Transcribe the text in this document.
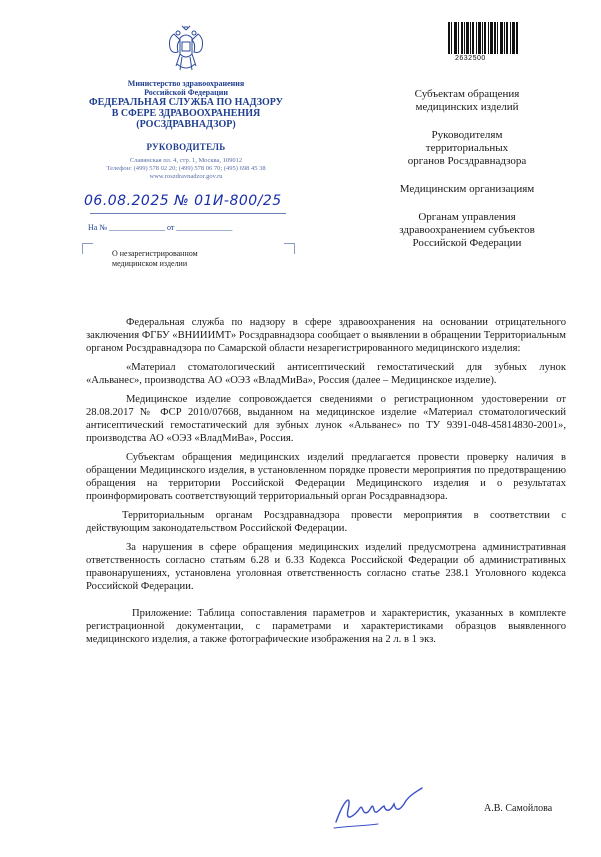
Министерство здравоохранения
Российской Федерации
ФЕДЕРАЛЬНАЯ СЛУЖБА ПО НАДЗОРУ
В СФЕРЕ ЗДРАВООХРАНЕНИЯ
(РОСЗДРАВНАДЗОР)
РУКОВОДИТЕЛЬ
Славянская пл. 4, стр. 1, Москва, 109012
Телефон: (499) 578 02 20; (499) 578 06 70; (495) 698 45 38
www.roszdravnadzor.gov.ru
06.08.2025 № 01И-800/25
На № ______________ от ______________
О незарегистрированном
медицинском изделии
2632500
Субъектам обращения
медицинских изделий
Руководителям
территориальных
органов Росздравнадзора
Медицинским организациям
Органам управления
здравоохранением субъектов
Российской Федерации

Федеральная служба по надзору в сфере здравоохранения на основании отрицательного заключения ФГБУ «ВНИИИМТ» Росздравнадзора сообщает о выявлении в обращении Территориальным органом Росздравнадзора по Самарской области незарегистрированного медицинского изделия:

«Материал стоматологический антисептический гемостатический для зубных лунок «Альванес», производства АО «ОЭЗ «ВладМиВа», Россия (далее – Медицинское изделие).

Медицинское изделие сопровождается сведениями о регистрационном удостоверении от 28.08.2017 № ФСР 2010/07668, выданном на медицинское изделие «Материал стоматологический антисептический гемостатический для зубных лунок «Альванес» по ТУ 9391-048-45814830-2001», производства АО «ОЭЗ «ВладМиВа», Россия.

Субъектам обращения медицинских изделий предлагается провести проверку наличия в обращении Медицинского изделия, в установленном порядке провести мероприятия по предотвращению обращения на территории Российской Федерации Медицинского изделия и о результатах проинформировать соответствующий территориальный орган Росздравнадзора.

Территориальным органам Росздравнадзора провести мероприятия в соответствии с действующим законодательством Российской Федерации.

За нарушения в сфере обращения медицинских изделий предусмотрена административная ответственность согласно статьям 6.28 и 6.33 Кодекса Российской Федерации об административных правонарушениях, установлена уголовная ответственность согласно статье 238.1 Уголовного кодекса Российской Федерации.

Приложение: Таблица сопоставления параметров и характеристик, указанных в комплекте регистрационной документации, с параметрами и характеристиками образцов выявленного медицинского изделия, а также фотографические изображения на 2 л. в 1 экз.

А.В. Самойлова
